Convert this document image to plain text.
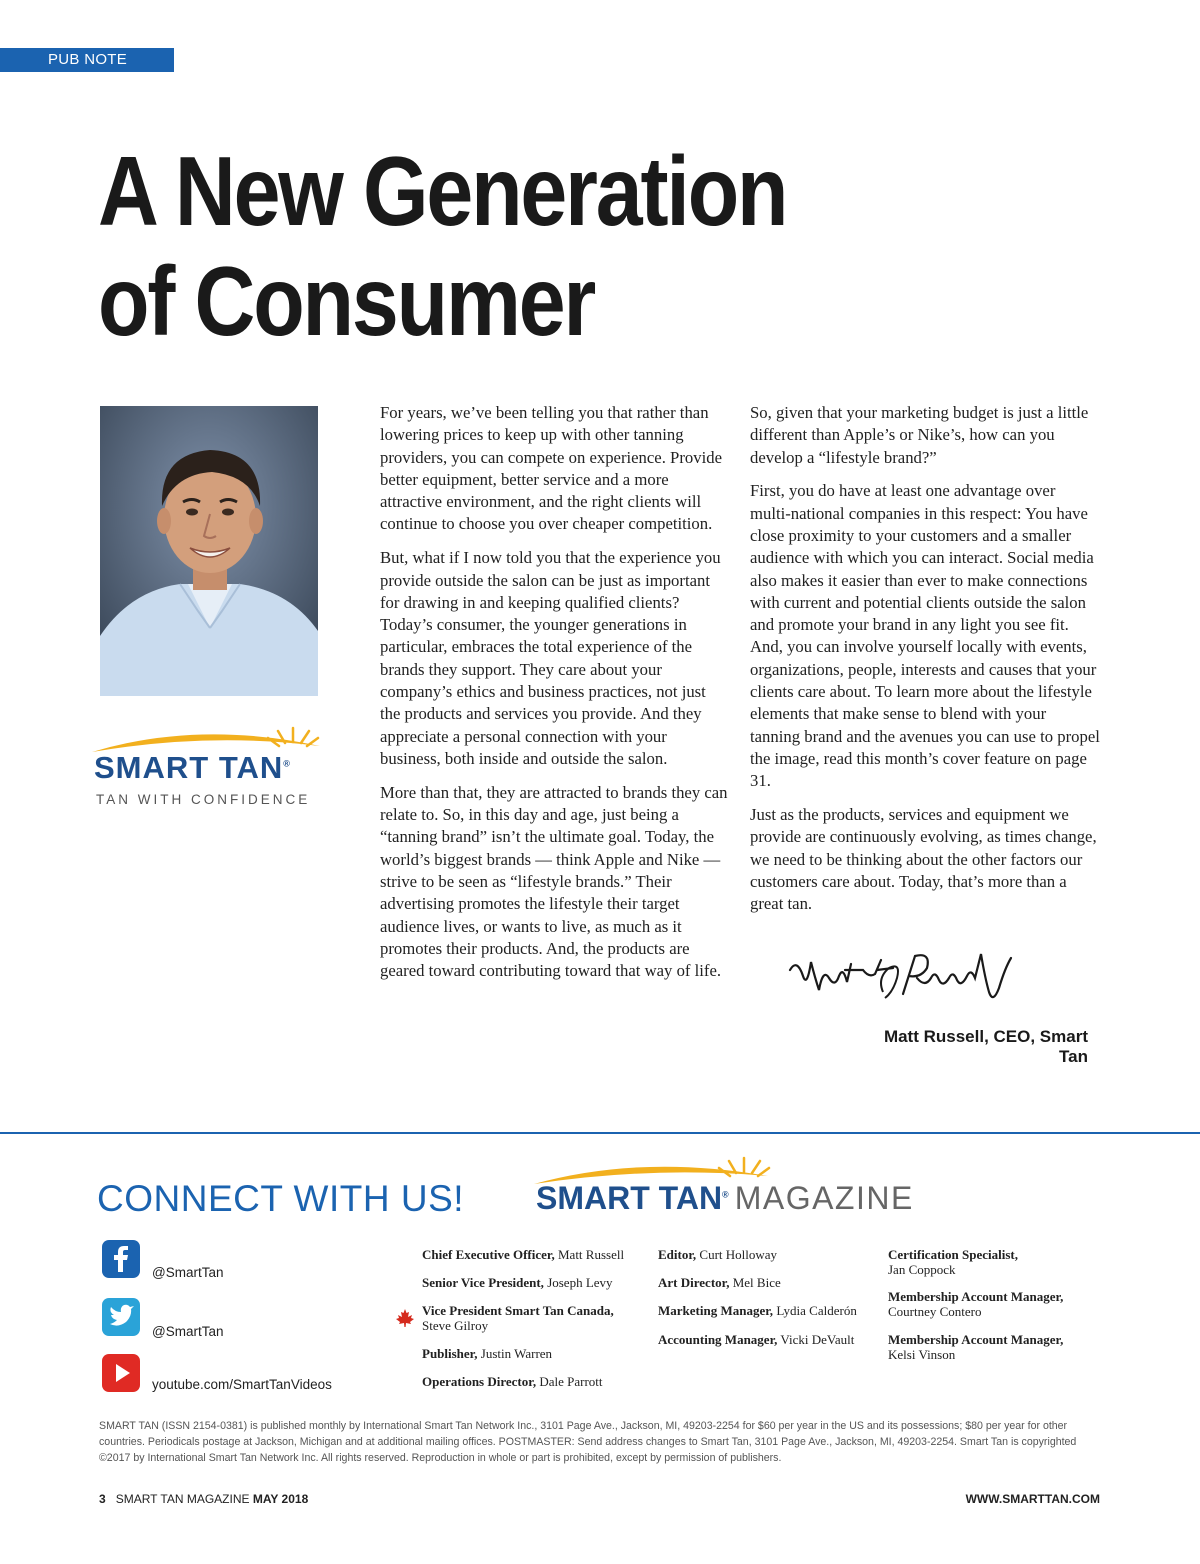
PUB NOTE
A New Generation
of Consumer
SMART TAN®
TAN WITH CONFIDENCE

For years, we’ve been telling you that rather than lowering prices to keep up with other tanning providers, you can compete on experience. Provide better equipment, better service and a more attractive environment, and the right clients will continue to choose you over cheaper competition.

But, what if I now told you that the experience you provide outside the salon can be just as important for drawing in and keeping qualified clients? Today’s consumer, the younger generations in particular, embraces the total experience of the brands they support. They care about your company’s ethics and business practices, not just the products and services you provide. And they appreciate a personal connection with your business, both inside and outside the salon.

More than that, they are attracted to brands they can relate to. So, in this day and age, just being a “tanning brand” isn’t the ultimate goal. Today, the world’s biggest brands — think Apple and Nike — strive to be seen as “lifestyle brands.” Their advertising promotes the lifestyle their target audience lives, or wants to live, as much as it promotes their products. And, the products are geared toward contributing toward that way of life.

So, given that your marketing budget is just a little different than Apple’s or Nike’s, how can you develop a “lifestyle brand?”

First, you do have at least one advantage over multi-national companies in this respect: You have close proximity to your customers and a smaller audience with which you can interact. Social media also makes it easier than ever to make connections with current and potential clients outside the salon and promote your brand in any light you see fit. And, you can involve yourself locally with events, organizations, people, interests and causes that your clients care about. To learn more about the lifestyle elements that make sense to blend with your tanning brand and the avenues you can use to propel the image, read this month’s cover feature on page 31.

Just as the products, services and equipment we provide are continuously evolving, as times change, we need to be thinking about the other factors our customers care about. Today, that’s more than a great tan.

Matt Russell, CEO, Smart Tan
CONNECT WITH US! SMART TAN® MAGAZINE
@SmartTan
@SmartTan
youtube.com/SmartTanVideos
Chief Executive Officer, Matt Russell
Senior Vice President, Joseph Levy
Vice President Smart Tan Canada,
Steve Gilroy
Publisher, Justin Warren
Operations Director, Dale Parrott
Editor, Curt Holloway
Art Director, Mel Bice
Marketing Manager, Lydia Calderón
Accounting Manager, Vicki DeVault
Certification Specialist,
Jan Coppock
Membership Account Manager,
Courtney Contero
Membership Account Manager,
Kelsi Vinson
SMART TAN (ISSN 2154-0381) is published monthly by International Smart Tan Network Inc., 3101 Page Ave., Jackson, MI, 49203-2254 for $60 per year in the US and its possessions; $80 per year for other countries. Periodicals postage at Jackson, Michigan and at additional mailing offices. POSTMASTER: Send address changes to Smart Tan, 3101 Page Ave., Jackson, MI, 49203-2254. Smart Tan is copyrighted ©2017 by International Smart Tan Network Inc. All rights reserved. Reproduction in whole or part is prohibited, except by permission of publishers.
3 SMART TAN MAGAZINE MAY 2018	WWW.SMARTTAN.COM
